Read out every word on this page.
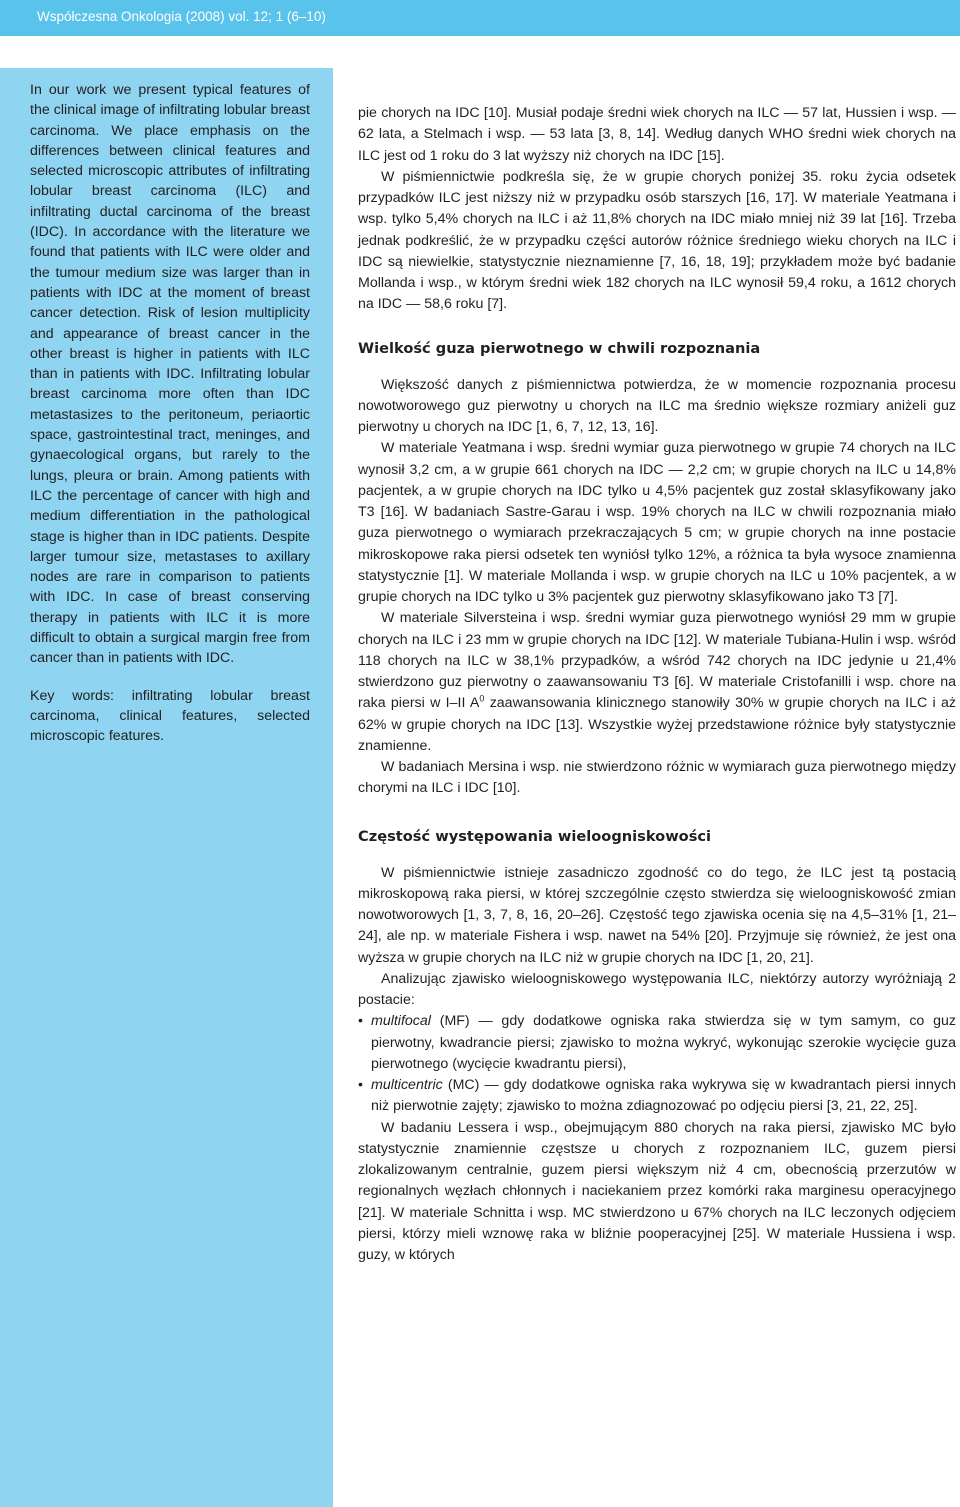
Współczesna Onkologia (2008) vol. 12; 1 (6–10)

In our work we present typical features of the clinical image of infiltrating lobular breast carcinoma. We place emphasis on the differences between clinical features and selected microscopic attributes of infiltrating lobular breast carcinoma (ILC) and infiltrating ductal carcinoma of the breast (IDC). In accordance with the literature we found that patients with ILC were older and the tumour medium size was larger than in patients with IDC at the moment of breast cancer detection. Risk of lesion multiplicity and appearance of breast cancer in the other breast is higher in patients with ILC than in patients with IDC. Infiltrating lobular breast carcinoma more often than IDC metastasizes to the peritoneum, periaortic space, gastrointestinal tract, meninges, and gynaecological organs, but rarely to the lungs, pleura or brain. Among patients with ILC the percentage of cancer with high and medium differentiation in the pathological stage is higher than in IDC patients. Despite larger tumour size, metastases to axillary nodes are rare in comparison to patients with IDC. In case of breast conserving therapy in patients with ILC it is more difficult to obtain a surgical margin free from cancer than in patients with IDC.

Key words: infiltrating lobular breast carcinoma, clinical features, selected microscopic features.

pie chorych na IDC [10]. Musiał podaje średni wiek chorych na ILC — 57 lat, Hussien i wsp. — 62 lata, a Stelmach i wsp. — 53 lata [3, 8, 14]. Według danych WHO średni wiek chorych na ILC jest od 1 roku do 3 lat wyższy niż chorych na IDC [15].

W piśmiennictwie podkreśla się, że w grupie chorych poniżej 35. roku życia odsetek przypadków ILC jest niższy niż w przypadku osób starszych [16, 17]. W materiale Yeatmana i wsp. tylko 5,4% chorych na ILC i aż 11,8% chorych na IDC miało mniej niż 39 lat [16]. Trzeba jednak podkreślić, że w przypadku części autorów różnice średniego wieku chorych na ILC i IDC są niewielkie, statystycznie nieznamienne [7, 16, 18, 19]; przykładem może być badanie Mollanda i wsp., w którym średni wiek 182 chorych na ILC wynosił 59,4 roku, a 1612 chorych na IDC — 58,6 roku [7].

Wielkość guza pierwotnego w chwili rozpoznania

Większość danych z piśmiennictwa potwierdza, że w momencie rozpoznania procesu nowotworowego guz pierwotny u chorych na ILC ma średnio większe rozmiary aniżeli guz pierwotny u chorych na IDC [1, 6, 7, 12, 13, 16].

W materiale Yeatmana i wsp. średni wymiar guza pierwotnego w grupie 74 chorych na ILC wynosił 3,2 cm, a w grupie 661 chorych na IDC — 2,2 cm; w grupie chorych na ILC u 14,8% pacjentek, a w grupie chorych na IDC tylko u 4,5% pacjentek guz został sklasyfikowany jako T3 [16]. W badaniach Sastre-Garau i wsp. 19% chorych na ILC w chwili rozpoznania miało guza pierwotnego o wymiarach przekraczających 5 cm; w grupie chorych na inne postacie mikroskopowe raka piersi odsetek ten wyniósł tylko 12%, a różnica ta była wysoce znamienna statystycznie [1]. W materiale Mollanda i wsp. w grupie chorych na ILC u 10% pacjentek, a w grupie chorych na IDC tylko u 3% pacjentek guz pierwotny sklasyfikowano jako T3 [7].

W materiale Silversteina i wsp. średni wymiar guza pierwotnego wyniósł 29 mm w grupie chorych na ILC i 23 mm w grupie chorych na IDC [12]. W materiale Tubiana-Hulin i wsp. wśród 118 chorych na ILC w 38,1% przypadków, a wśród 742 chorych na IDC jedynie u 21,4% stwierdzono guz pierwotny o zaawansowaniu T3 [6]. W materiale Cristofanilli i wsp. chore na raka piersi w I–II $A^0$ zaawansowania klinicznego stanowiły 30% w grupie chorych na ILC i aż 62% w grupie chorych na IDC [13]. Wszystkie wyżej przedstawione różnice były statystycznie znamienne.

W badaniach Mersina i wsp. nie stwierdzono różnic w wymiarach guza pierwotnego między chorymi na ILC i IDC [10].

Częstość występowania wieloogniskowości

W piśmiennictwie istnieje zasadniczo zgodność co do tego, że ILC jest tą postacią mikroskopową raka piersi, w której szczególnie często stwierdza się wieloogniskowość zmian nowotworowych [1, 3, 7, 8, 16, 20–26]. Częstość tego zjawiska ocenia się na 4,5–31% [1, 21–24], ale np. w materiale Fishera i wsp. nawet na 54% [20]. Przyjmuje się również, że jest ona wyższa w grupie chorych na ILC niż w grupie chorych na IDC [1, 20, 21].

Analizując zjawisko wieloogniskowego występowania ILC, niektórzy autorzy wyróżniają 2 postacie:

• multifocal (MF) — gdy dodatkowe ogniska raka stwierdza się w tym samym, co guz pierwotny, kwadrancie piersi; zjawisko to można wykryć, wykonując szerokie wycięcie guza pierwotnego (wycięcie kwadrantu piersi),
• multicentric (MC) — gdy dodatkowe ogniska raka wykrywa się w kwadrantach piersi innych niż pierwotnie zajęty; zjawisko to można zdiagnozować po odjęciu piersi [3, 21, 22, 25].

W badaniu Lessera i wsp., obejmującym 880 chorych na raka piersi, zjawisko MC było statystycznie znamiennie częstsze u chorych z rozpoznaniem ILC, guzem piersi zlokalizowanym centralnie, guzem piersi większym niż 4 cm, obecnością przerzutów w regionalnych węzłach chłonnych i naciekaniem przez komórki raka marginesu operacyjnego [21]. W materiale Schnitta i wsp. MC stwierdzono u 67% chorych na ILC leczonych odjęciem piersi, którzy mieli wznowę raka w bliźnie pooperacyjnej [25]. W materiale Hussiena i wsp. guzy, w których
